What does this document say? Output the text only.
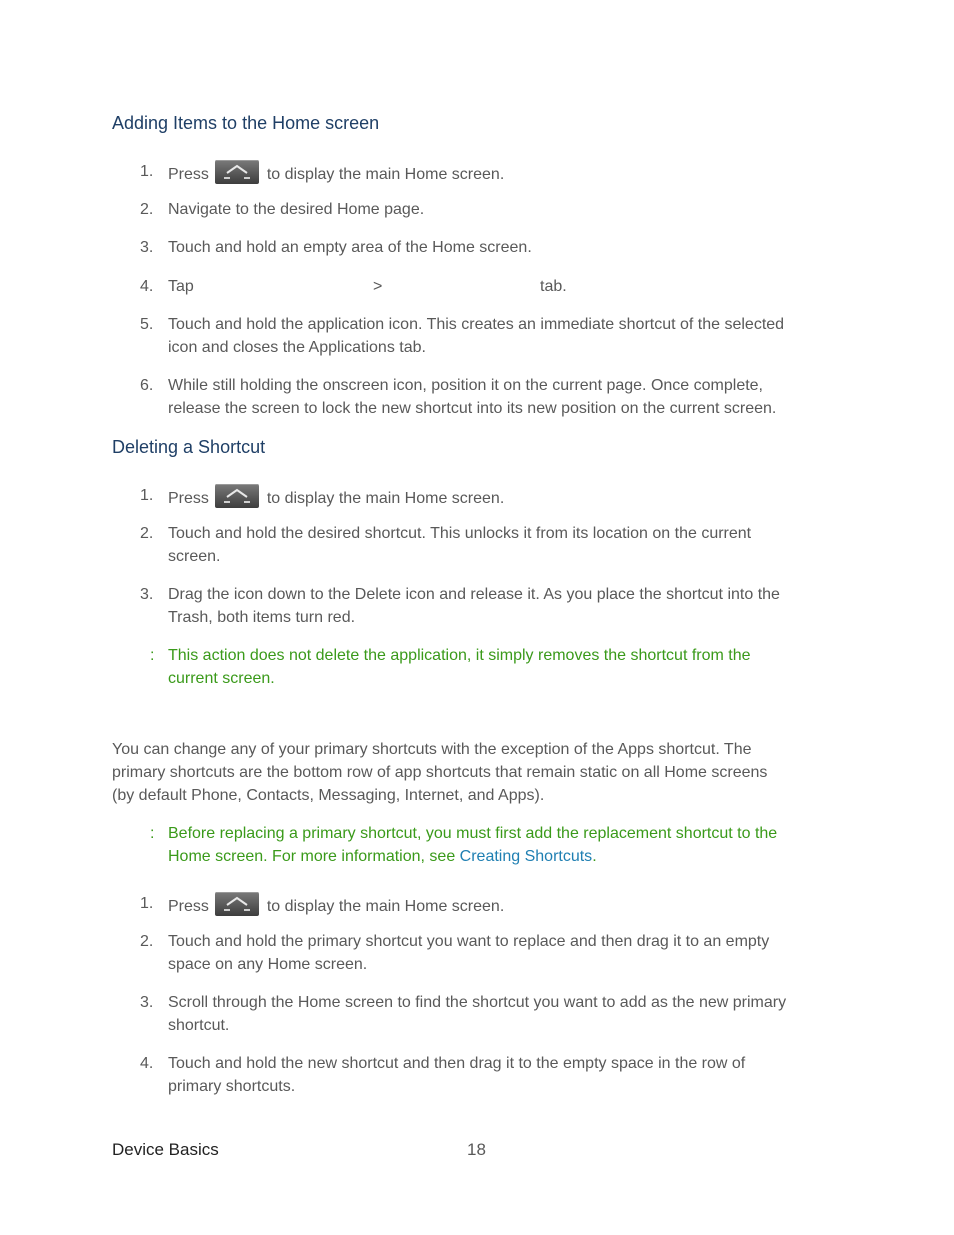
Adding Items to the Home screen
1. Press	to display the main Home screen.
2. Navigate to the desired Home page.
3. Touch and hold an empty area of the Home screen.
4. Tap	>	tab.
5. Touch and hold the application icon. This creates an immediate shortcut of the selected
icon and closes the Applications tab.
6. While still holding the onscreen icon, position it on the current page. Once complete,
release the screen to lock the new shortcut into its new position on the current screen.
Deleting a Shortcut
1. Press	to display the main Home screen.
2. Touch and hold the desired shortcut. This unlocks it from its location on the current
screen.
3. Drag the icon down to the Delete icon and release it. As you place the shortcut into the
Trash, both items turn red.
: This action does not delete the application, it simply removes the shortcut from the
current screen.

You can change any of your primary shortcuts with the exception of the Apps shortcut. The
primary shortcuts are the bottom row of app shortcuts that remain static on all Home screens
(by default Phone, Contacts, Messaging, Internet, and Apps).

: Before replacing a primary shortcut, you must first add the replacement shortcut to the
Home screen. For more information, see Creating Shortcuts.
1. Press	to display the main Home screen.
2. Touch and hold the primary shortcut you want to replace and then drag it to an empty
space on any Home screen.
3. Scroll through the Home screen to find the shortcut you want to add as the new primary
shortcut.
4. Touch and hold the new shortcut and then drag it to the empty space in the row of
primary shortcuts.
Device Basics	18
